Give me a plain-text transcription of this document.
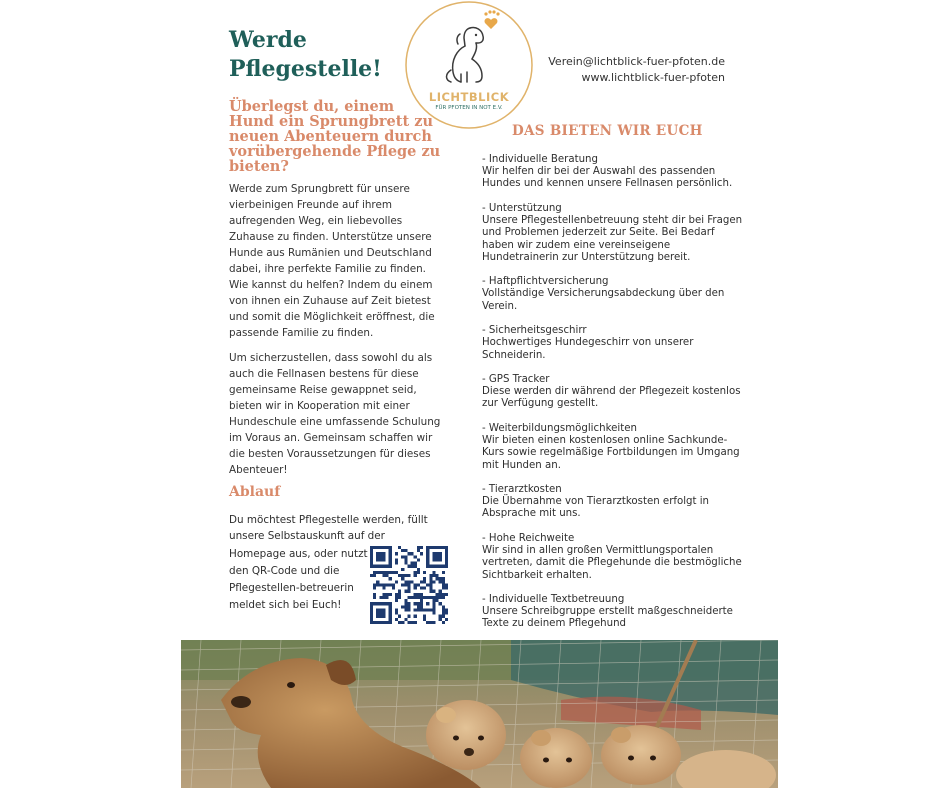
Werde
Pflegestelle!
LICHTBLICK
FÜR PFOTEN IN NOT E.V.
Verein@lichtblick-fuer-pfoten.de
www.lichtblick-fuer-pfoten
Überlegst du, einem Hund ein Sprungbrett zu neuen Abenteuern durch vorübergehende Pflege zu bieten?
Werde zum Sprungbrett für unsere vierbeinigen Freunde auf ihrem aufregenden Weg, ein liebevolles Zuhause zu finden. Unterstütze unsere Hunde aus Rumänien und Deutschland dabei, ihre perfekte Familie zu finden. Wie kannst du helfen? Indem du einem von ihnen ein Zuhause auf Zeit bietest und somit die Möglichkeit eröffnest, die passende Familie zu finden.
Um sicherzustellen, dass sowohl du als auch die Fellnasen bestens für diese gemeinsame Reise gewappnet seid, bieten wir in Kooperation mit einer Hundeschule eine umfassende Schulung im Voraus an. Gemeinsam schaffen wir die besten Voraussetzungen für dieses Abenteuer!
Ablauf
Du möchtest Pflegestelle werden, füllt unsere Selbstauskunft auf der
Homepage aus, oder nutzt den QR-Code und die Pflegestellen-betreuerin meldet sich bei Euch!
DAS BIETEN WIR EUCH
- Individuelle Beratung
Wir helfen dir bei der Auswahl des passenden Hundes und kennen unsere Fellnasen persönlich.
- Unterstützung
Unsere Pflegestellenbetreuung steht dir bei Fragen und Problemen jederzeit zur Seite. Bei Bedarf haben wir zudem eine vereinseigene Hundetrainerin zur Unterstützung bereit.
- Haftpflichtversicherung
Vollständige Versicherungsabdeckung über den Verein.
- Sicherheitsgeschirr
Hochwertiges Hundegeschirr von unserer Schneiderin.
- GPS Tracker
Diese werden dir während der Pflegezeit kostenlos zur Verfügung gestellt.
- Weiterbildungsmöglichkeiten
Wir bieten einen kostenlosen online Sachkunde-Kurs sowie regelmäßige Fortbildungen im Umgang mit Hunden an.
- Tierarztkosten
Die Übernahme von Tierarztkosten erfolgt in Absprache mit uns.
- Hohe Reichweite
Wir sind in allen großen Vermittlungsportalen vertreten, damit die Pflegehunde die bestmögliche Sichtbarkeit erhalten.
- Individuelle Textbetreuung
Unsere Schreibgruppe erstellt maßgeschneiderte Texte zu deinem Pflegehund
